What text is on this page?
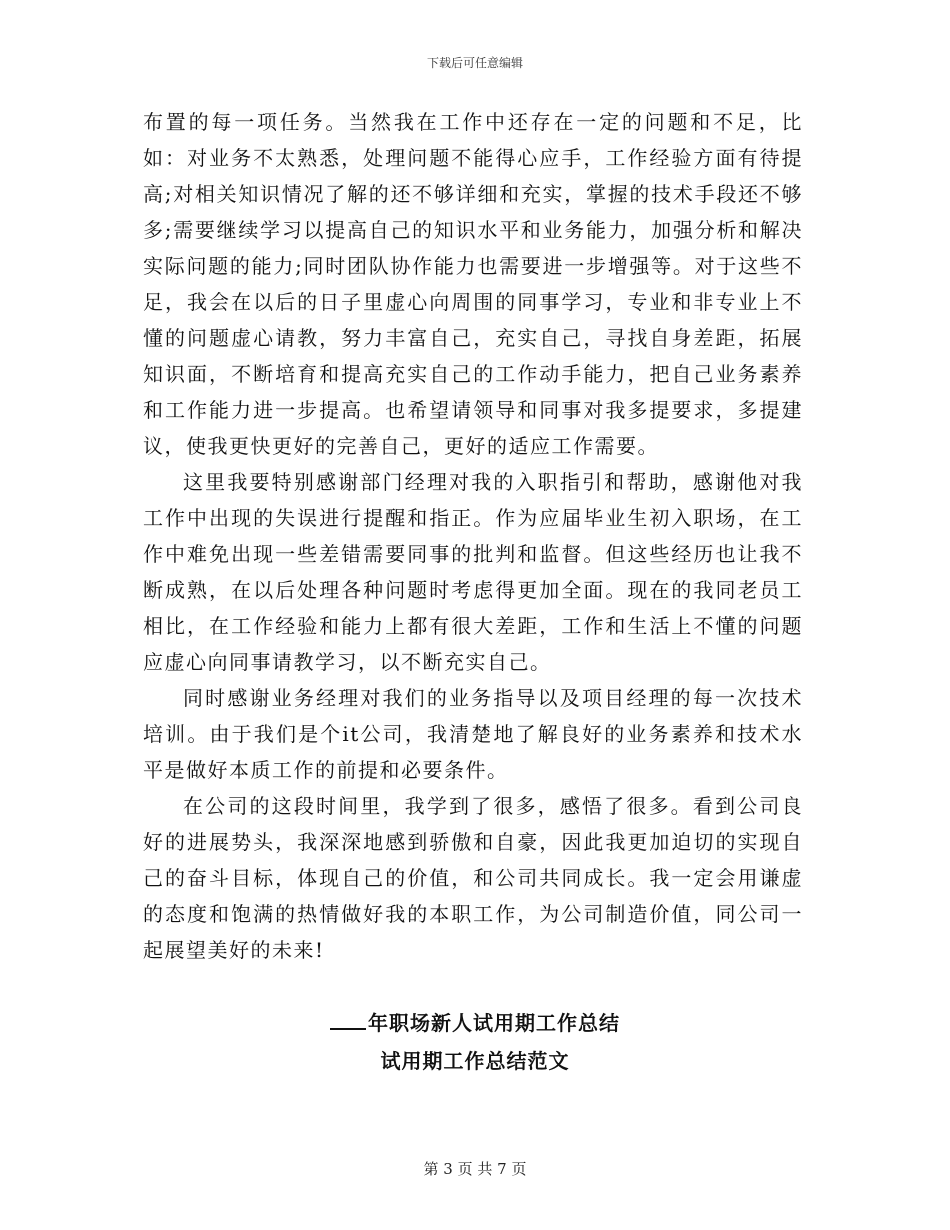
下载后可任意编辑

布置的每一项任务。当然我在工作中还存在一定的问题和不足，比如：对业务不太熟悉，处理问题不能得心应手，工作经验方面有待提高;对相关知识情况了解的还不够详细和充实，掌握的技术手段还不够多;需要继续学习以提高自己的知识水平和业务能力，加强分析和解决实际问题的能力;同时团队协作能力也需要进一步增强等。对于这些不足，我会在以后的日子里虚心向周围的同事学习，专业和非专业上不懂的问题虚心请教，努力丰富自己，充实自己，寻找自身差距，拓展知识面，不断培育和提高充实自己的工作动手能力，把自己业务素养和工作能力进一步提高。也希望请领导和同事对我多提要求，多提建议，使我更快更好的完善自己，更好的适应工作需要。

这里我要特别感谢部门经理对我的入职指引和帮助，感谢他对我工作中出现的失误进行提醒和指正。作为应届毕业生初入职场，在工作中难免出现一些差错需要同事的批判和监督。但这些经历也让我不断成熟，在以后处理各种问题时考虑得更加全面。现在的我同老员工相比，在工作经验和能力上都有很大差距，工作和生活上不懂的问题应虚心向同事请教学习，以不断充实自己。

同时感谢业务经理对我们的业务指导以及项目经理的每一次技术培训。由于我们是个it公司，我清楚地了解良好的业务素养和技术水平是做好本质工作的前提和必要条件。

在公司的这段时间里，我学到了很多，感悟了很多。看到公司良好的进展势头，我深深地感到骄傲和自豪，因此我更加迫切的实现自己的奋斗目标，体现自己的价值，和公司共同成长。我一定会用谦虚的态度和饱满的热情做好我的本职工作，为公司制造价值，同公司一起展望美好的未来!

年职场新人试用期工作总结
试用期工作总结范文
第 3 页 共 7 页
